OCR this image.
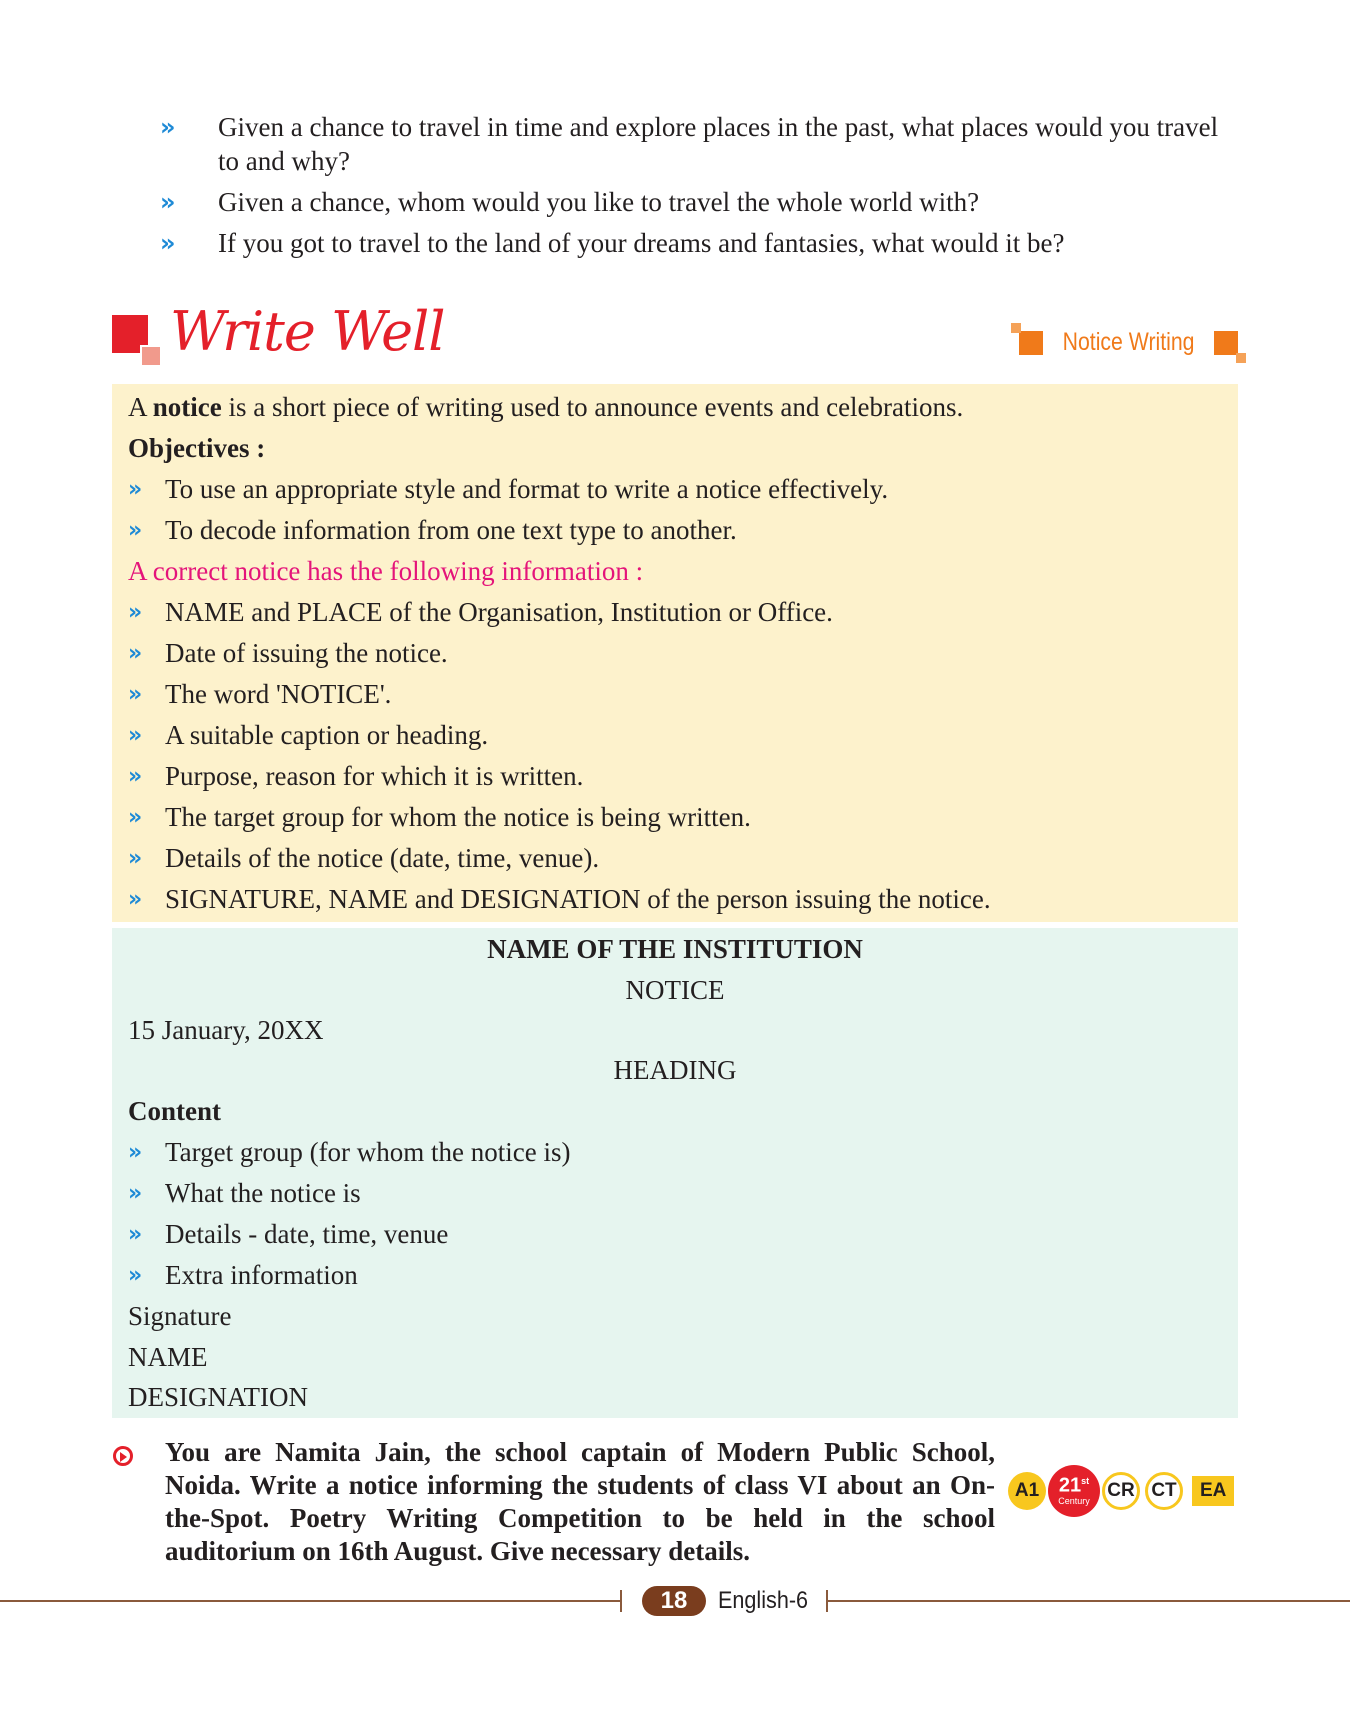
» Given a chance to travel in time and explore places in the past, what places would you travel to and why?
» Given a chance, whom would you like to travel the whole world with?
» If you got to travel to the land of your dreams and fantasies, what would it be?
Write Well	Notice Writing
A notice is a short piece of writing used to announce events and celebrations.
Objectives :
» To use an appropriate style and format to write a notice effectively.
» To decode information from one text type to another.
A correct notice has the following information :
» NAME and PLACE of the Organisation, Institution or Office.
» Date of issuing the notice.
» The word 'NOTICE'.
» A suitable caption or heading.
» Purpose, reason for which it is written.
» The target group for whom the notice is being written.
» Details of the notice (date, time, venue).
» SIGNATURE, NAME and DESIGNATION of the person issuing the notice.
NAME OF THE INSTITUTION
NOTICE
15 January, 20XX
HEADING
Content
» Target group (for whom the notice is)
» What the notice is
» Details - date, time, venue
» Extra information
Signature
NAME
DESIGNATION
You are Namita Jain, the school captain of Modern Public School, Noida. Write a notice informing the students of class VI about an On-the-Spot. Poetry Writing Competition to be held in the school auditorium on 16th August. Give necessary details.
A1 21st
Century
CR CT	EA
18	English-6
